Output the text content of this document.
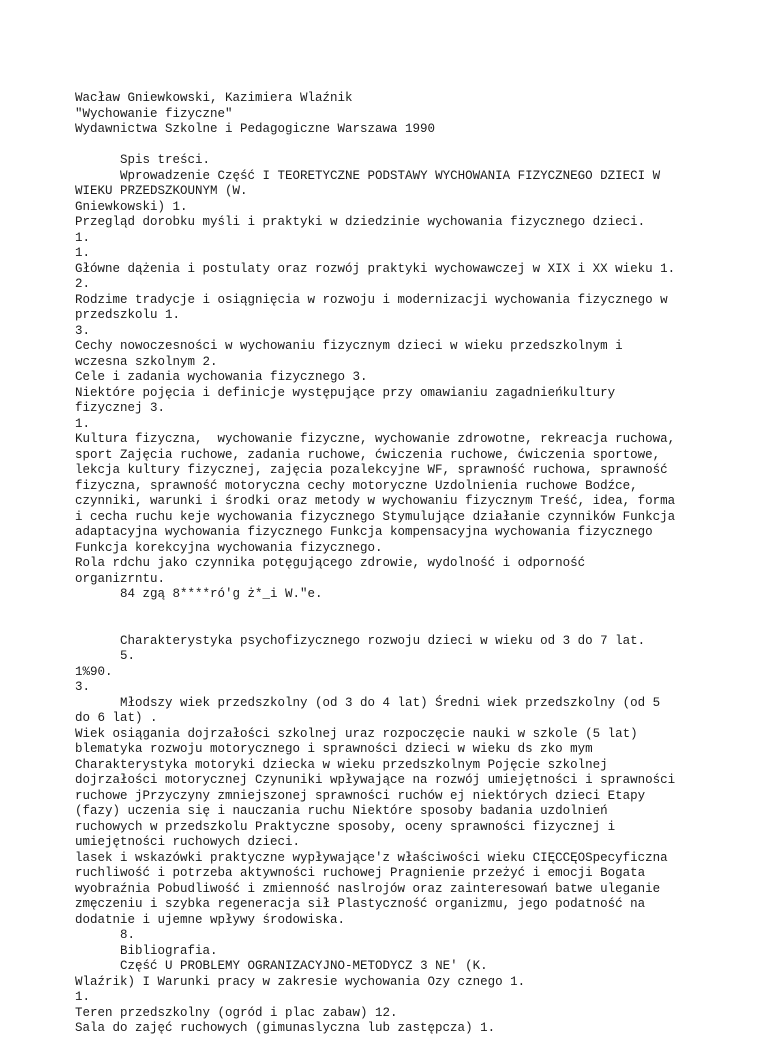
Wacław Gniewkowski, Kazimiera Wlaźnik
"Wychowanie fizyczne"
Wydawnictwa Szkolne i Pedagogiczne Warszawa 1990
Spis treści.
Wprowadzenie Część I TEORETYCZNE PODSTAWY WYCHOWANIA FIZYCZNEGO DZIECI W
WIEKU PRZEDSZKOUNYM (W.
Gniewkowski) 1.
Przegląd dorobku myśli i praktyki w dziedzinie wychowania fizycznego dzieci.
1.
1.
Główne dążenia i postulaty oraz rozwój praktyki wychowawczej w XIX i XX wieku 1.
2.
Rodzime tradycje i osiągnięcia w rozwoju i modernizacji wychowania fizycznego w
przedszkolu 1.
3.
Cechy nowoczesności w wychowaniu fizycznym dzieci w wieku przedszkolnym i
wczesna szkolnym 2.
Cele i zadania wychowania fizycznego 3.
Niektóre pojęcia i definicje występujące przy omawianiu zagadnieńkultury
fizycznej 3.
1.
Kultura fizyczna,  wychowanie fizyczne, wychowanie zdrowotne, rekreacja ruchowa,
sport Zajęcia ruchowe, zadania ruchowe, ćwiczenia ruchowe, ćwiczenia sportowe,
lekcja kultury fizycznej, zajęcia pozalekcyjne WF, sprawność ruchowa, sprawność
fizyczna, sprawność motoryczna cechy motoryczne Uzdolnienia ruchowe Bodźce,
czynniki, warunki i środki oraz metody w wychowaniu fizycznym Treść, idea, forma
i cecha ruchu keje wychowania fizycznego Stymulujące działanie czynników Funkcja
adaptacyjna wychowania fizycznego Funkcja kompensacyjna wychowania fizycznego
Funkcja korekcyjna wychowania fizycznego.
Rola rdchu jako czynnika potęgującego zdrowie, wydolność i odporność
organizrntu.
84 zgą 8****ró'g ż*_i W."e.
Charakterystyka psychofizycznego rozwoju dzieci w wieku od 3 do 7 lat.
5.
1%90.
3.
Młodszy wiek przedszkolny (od 3 do 4 lat) Średni wiek przedszkolny (od 5
do 6 lat) .
Wiek osiągania dojrzałości szkolnej uraz rozpoczęcie nauki w szkole (5 lat)
blematyka rozwoju motorycznego i sprawności dzieci w wieku ds zko mym
Charakterystyka motoryki dziecka w wieku przedszkolnym Pojęcie szkolnej
dojrzałości motorycznej Czynuniki wpływające na rozwój umiejętności i sprawności
ruchowe jPrzyczyny zmniejszonej sprawności ruchów ej niektórych dzieci Etapy
(fazy) uczenia się i nauczania ruchu Niektóre sposoby badania uzdolnień
ruchowych w przedszkolu Praktyczne sposoby, oceny sprawności fizycznej i
umiejętności ruchowych dzieci.
lasek i wskazówki praktyczne wypływające'z właściwości wieku CIĘCCĘOSpecyficzna
ruchliwość i potrzeba aktywności ruchowej Pragnienie przeżyć i emocji Bogata
wyobraźnia Pobudliwość i zmienność naslrojów oraz zainteresowań batwe uleganie
zmęczeniu i szybka regeneracja sił Plastyczność organizmu, jego podatność na
dodatnie i ujemne wpływy środowiska.
8.
Bibliografia.
Część U PROBLEMY OGRANIZACYJNO-METODYCZ 3 NE' (K.
Wlaźrik) I Warunki pracy w zakresie wychowania Ozy cznego 1.
1.
Teren przedszkolny (ogród i plac zabaw) 12.
Sala do zajęć ruchowych (gimunaslyczna lub zastępcza) 1.
